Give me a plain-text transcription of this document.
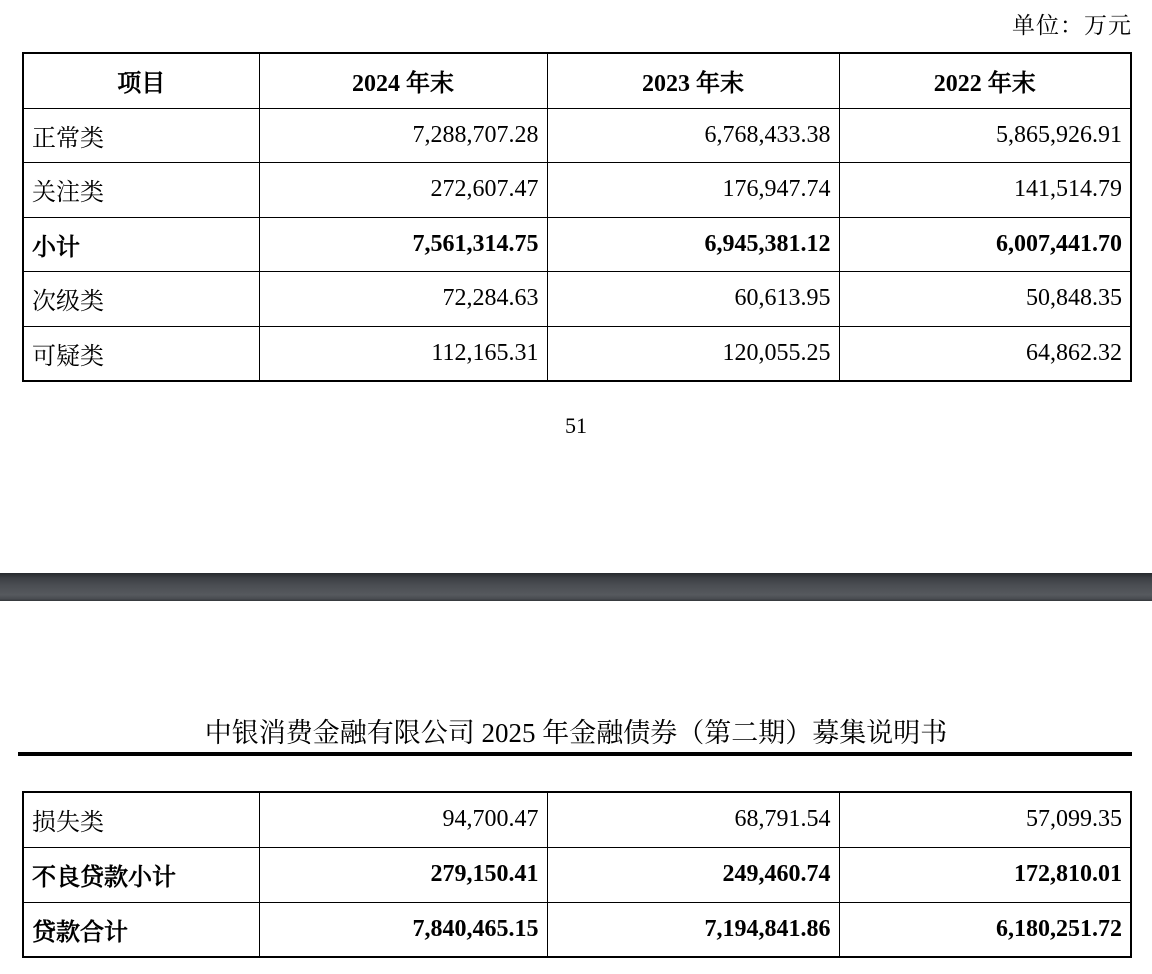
单位：万元
项目	2024 年末	2023 年末	2022 年末
正常类	7,288,707.28	6,768,433.38	5,865,926.91
关注类	272,607.47	176,947.74	141,514.79
小计	7,561,314.75	6,945,381.12	6,007,441.70
次级类	72,284.63	60,613.95	50,848.35
可疑类	112,165.31	120,055.25	64,862.32
51
中银消费金融有限公司 2025 年金融债券（第二期）募集说明书
损失类	94,700.47	68,791.54	57,099.35
不良贷款小计	279,150.41	249,460.74	172,810.01
贷款合计	7,840,465.15	7,194,841.86	6,180,251.72
